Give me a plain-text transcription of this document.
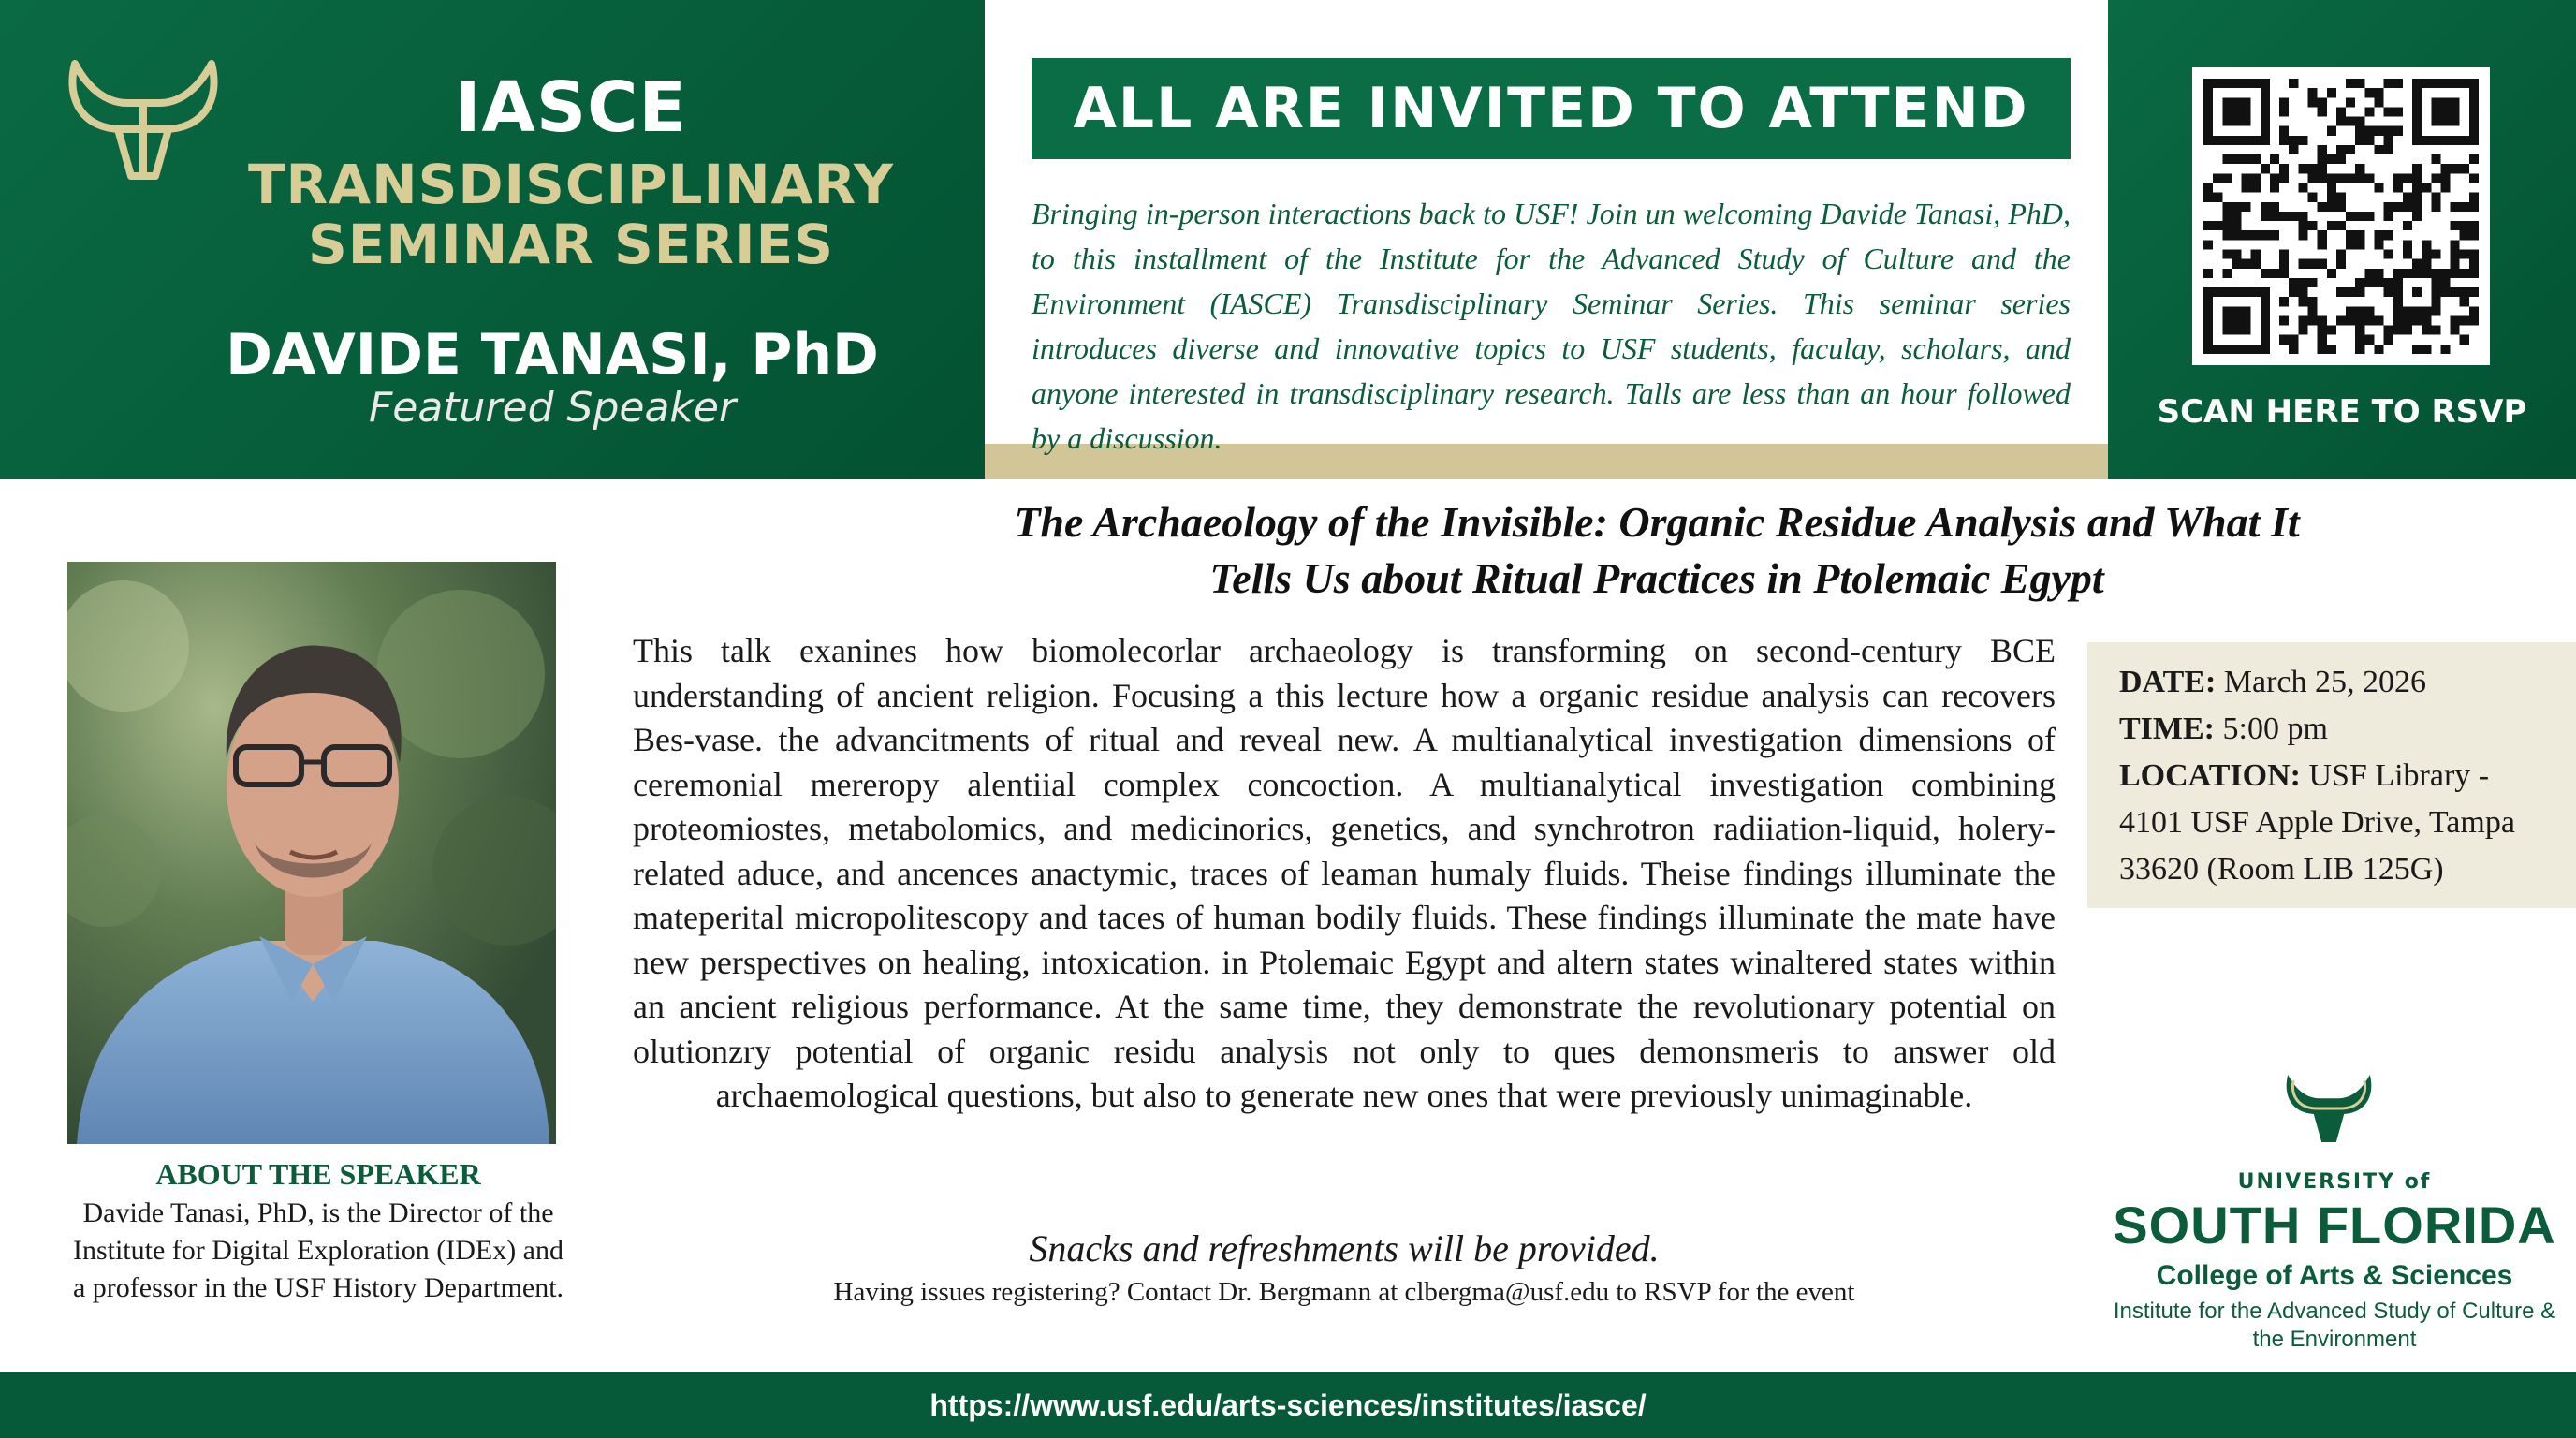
IASCE
TRANSDISCIPLINARY
SEMINAR SERIES
DAVIDE TANASI, PhD
Featured Speaker
ALL ARE INVITED TO ATTEND
Bringing in-person interactions back to USF! Join un welcoming Davide Tanasi, PhD, to this installment of the Institute for the Advanced Study of Culture and the Environment (IASCE) Transdisciplinary Seminar Series. This seminar series introduces diverse and innovative topics to USF students, faculay, scholars, and anyone interested in transdisciplinary research. Talls are less than an hour followed by a discussion.
SCAN HERE TO RSVP
The Archaeology of the Invisible: Organic Residue Analysis and What It
Tells Us about Ritual Practices in Ptolemaic Egypt
ABOUT THE SPEAKER
Davide Tanasi, PhD, is the Director of the Institute for Digital Exploration (IDEx) and a professor in the USF History Department.
This talk exanines how biomolecorlar archaeology is transforming on second-century BCE understanding of ancient religion. Focusing a this lecture how a organic residue analysis can recovers Bes-vase. the advancitments of ritual and reveal new. A multianalytical investigation dimensions of ceremonial mereropy alentiial complex concoction. A multianalytical investigation combining proteomiostes, metabolomics, and medicinorics, genetics, and synchrotron radiiation-liquid, holery-related aduce, and ancences anactymic, traces of leaman humaly fluids. Theise findings illuminate the mateperital micropolitescopy and taces of human bodily fluids. These findings illuminate the mate have new perspectives on healing, intoxication. in Ptolemaic Egypt and altern states winaltered states within an ancient religious performance. At the same time, they demonstrate the revolutionary potential on olutionzry potential of organic residu analysis not only to ques demonsmeris to answer old archaemological questions, but also to generate new ones that were previously unimaginable.
DATE: March 25, 2026
TIME: 5:00 pm
LOCATION: USF Library - 4101 USF Apple Drive, Tampa 33620 (Room LIB 125G)
Snacks and refreshments will be provided.
Having issues registering? Contact Dr. Bergmann at clbergma@usf.edu to RSVP for the event
UNIVERSITY of
SOUTH FLORIDA
College of Arts & Sciences
Institute for the Advanced Study of Culture & the Environment
https://www.usf.edu/arts-sciences/institutes/iasce/
